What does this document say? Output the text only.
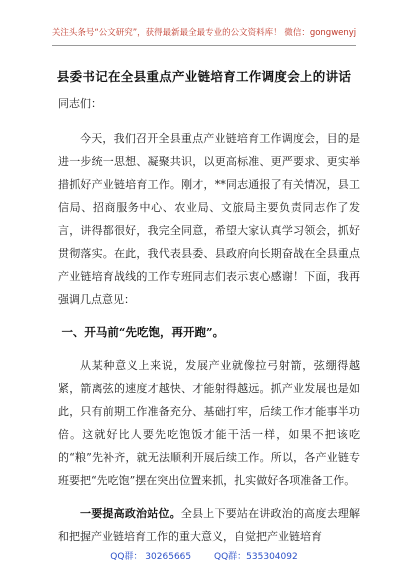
关注头条号“公文研究”，获得最新最全最专业的公文资料库！ 微信：gongwenyj
县委书记在全县重点产业链培育工作调度会上的讲话

同志们：

今天，我们召开全县重点产业链培育工作调度会，目的是进一步统一思想、凝聚共识，以更高标准、更严要求、更实举措抓好产业链培育工作。刚才，**同志通报了有关情况，县工信局、招商服务中心、农业局、文旅局主要负责同志作了发言，讲得都很好，我完全同意，希望大家认真学习领会，抓好贯彻落实。在此，我代表县委、县政府向长期奋战在全县重点产业链培育战线的工作专班同志们表示衷心感谢！下面，我再强调几点意见：

一、开马前“先吃饱，再开跑”。

从某种意义上来说，发展产业就像拉弓射箭，弦绷得越紧，箭离弦的速度才越快、才能射得越远。抓产业发展也是如此，只有前期工作准备充分、基础打牢，后续工作才能事半功倍。这就好比人要先吃饱饭才能干活一样，如果不把该吃的“粮”先补齐，就无法顺利开展后续工作。所以，各产业链专班要把“先吃饱”摆在突出位置来抓，扎实做好各项准备工作。

一要提高政治站位。全县上下要站在讲政治的高度去理解和把握产业链培育工作的重大意义，自觉把产业链培育

QQ群： 30265665	QQ群：535304092
